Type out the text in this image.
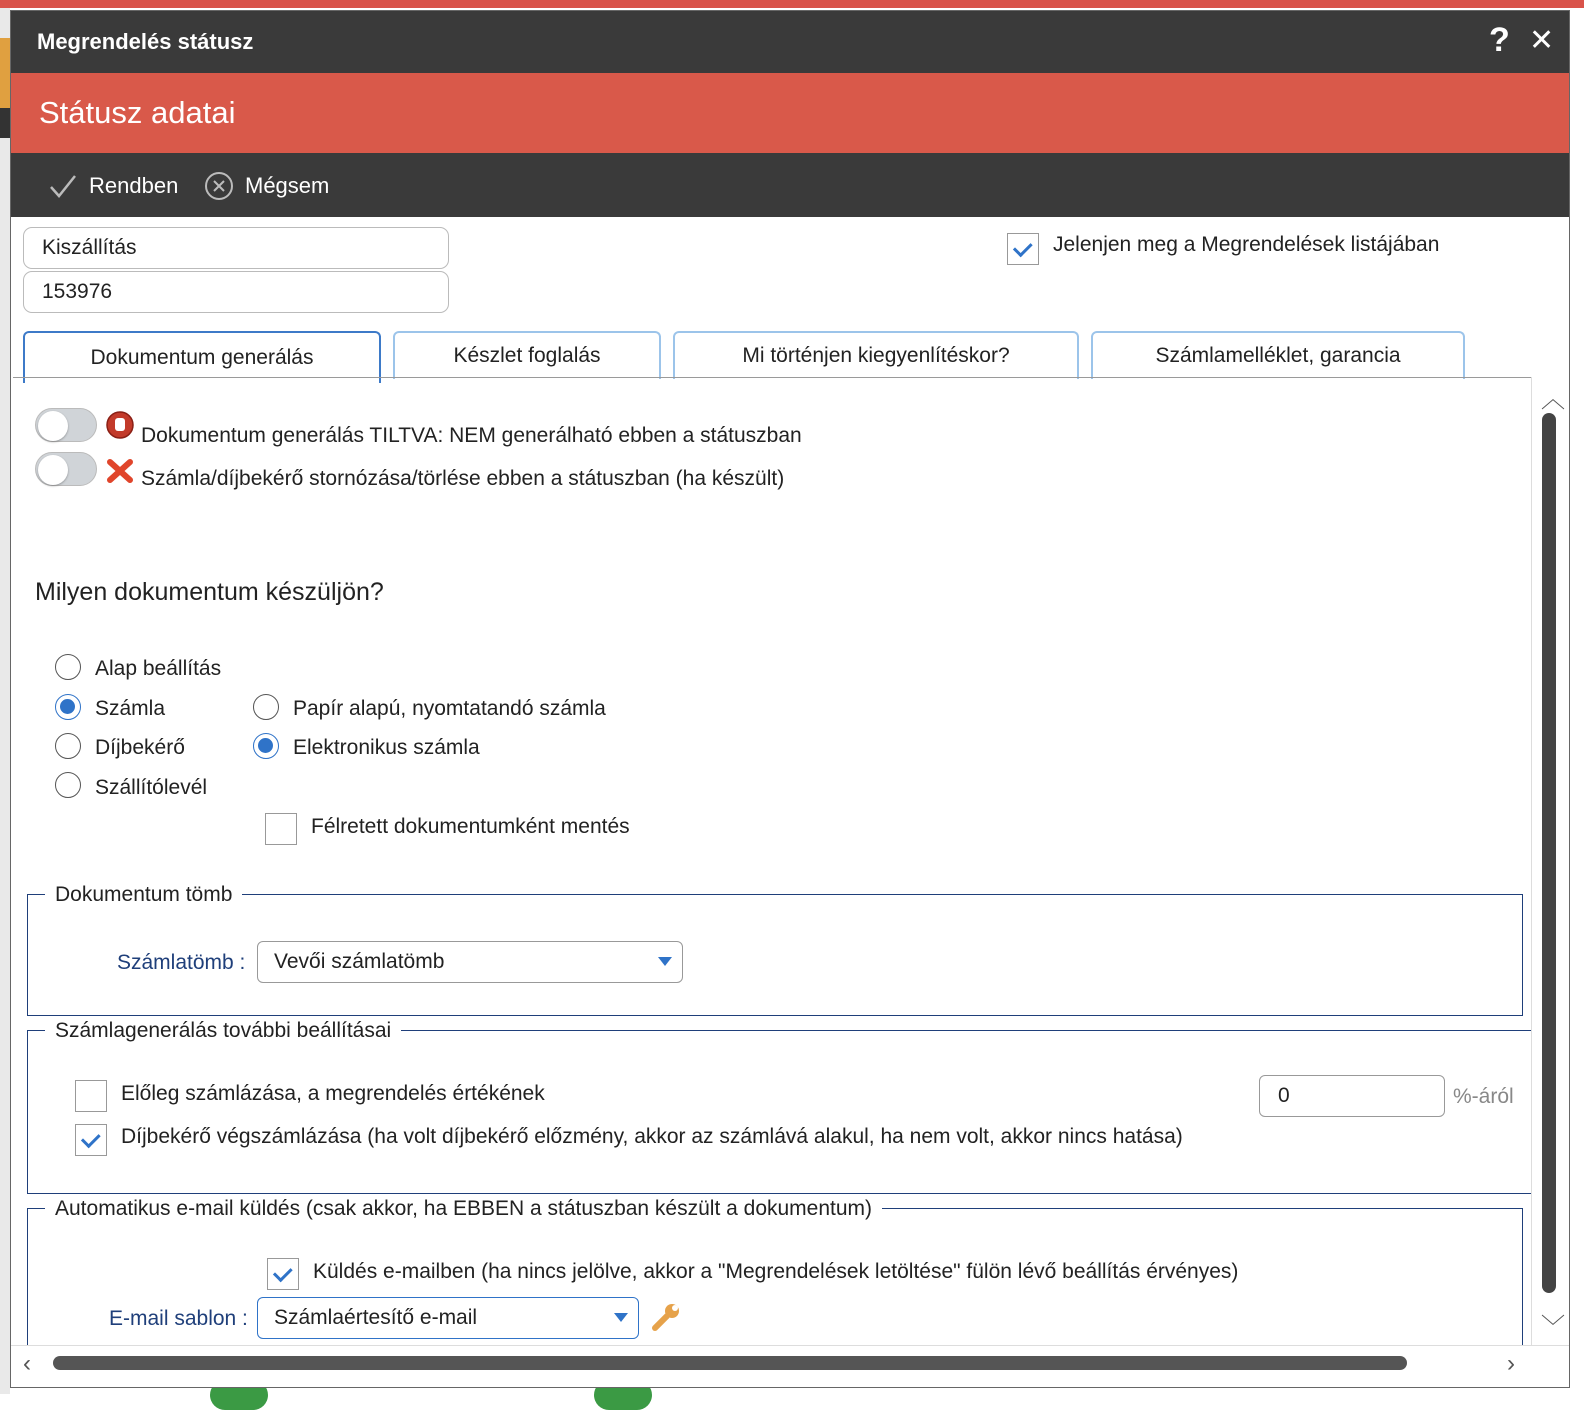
Megrendelés státusz	? ✕
Státusz adatai
Rendben	Mégsem
Kiszállítás
153976
Jelenjen meg a Megrendelések listájában
Dokumentum generálás	Készlet foglalás	Mi történjen kiegyenlítéskor?	Számlamelléklet, garancia
Dokumentum generálás TILTVA: NEM generálható ebben a státuszban
Számla/díjbekérő stornózása/törlése ebben a státuszban (ha készült)
Milyen dokumentum készüljön?
Alap beállítás
Számla
Díjbekérő
Szállítólevél
Papír alapú, nyomtatandó számla
Elektronikus számla
Félretett dokumentumként mentés
Dokumentum tömb
Számlatömb : Vevői számlatömb
Számlagenerálás további beállításai
Előleg számlázása, a megrendelés értékének	0	%-áról
Díjbekérő végszámlázása (ha volt díjbekérő előzmény, akkor az számlává alakul, ha nem volt, akkor nincs hatása)
Automatikus e-mail küldés (csak akkor, ha EBBEN a státuszban készült a dokumentum)
Küldés e-mailben (ha nincs jelölve, akkor a "Megrendelések letöltése" fülön lévő beállítás érvényes)
E-mail sablon : Számlaértesítő e-mail
︿
﹀
‹	›
